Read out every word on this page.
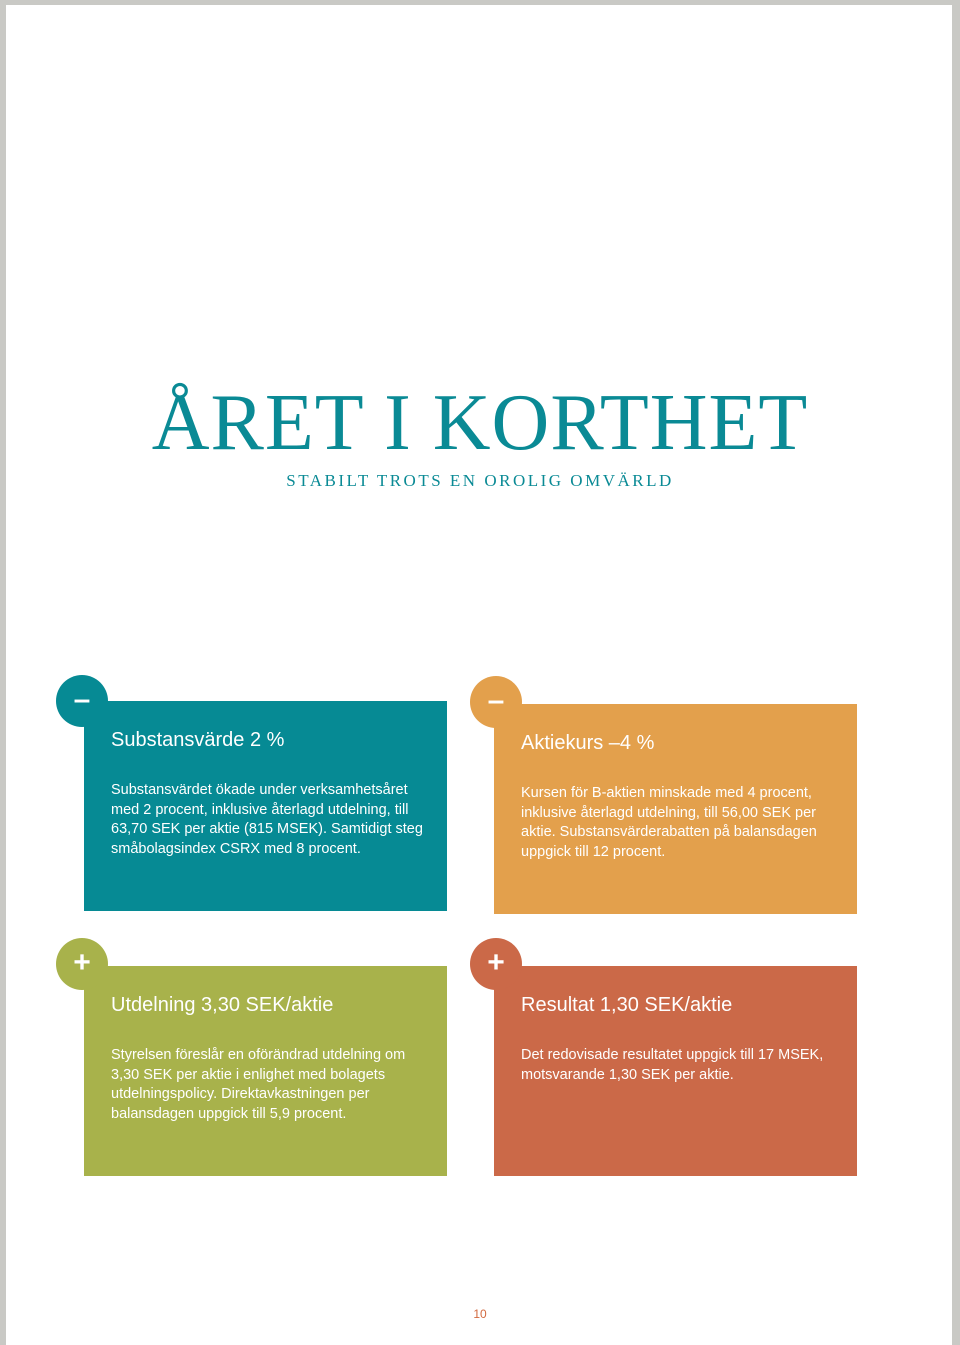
ÅRET I KORTHET
STABILT TROTS EN OROLIG OMVÄRLD

Substansvärde 2 %

Substansvärdet ökade under verksamhetsåret med 2 procent, inklusive återlagd utdelning, till 63,70 SEK per aktie (815 MSEK). Samtidigt steg småbolagsindex CSRX med 8 procent.

–

Aktiekurs –4 %

Kursen för B-aktien minskade med 4 procent, inklusive återlagd utdelning, till 56,00 SEK per aktie. Substansvärderabatten på balansdagen uppgick till 12 procent.

–

Utdelning 3,30 SEK/aktie

Styrelsen föreslår en oförändrad utdelning om 3,30 SEK per aktie i enlighet med bolagets utdelningspolicy. Direktavkastningen per balansdagen uppgick till 5,9 procent.

+

Resultat 1,30 SEK/aktie

Det redovisade resultatet uppgick till 17 MSEK, motsvarande 1,30 SEK per aktie.

+
10
